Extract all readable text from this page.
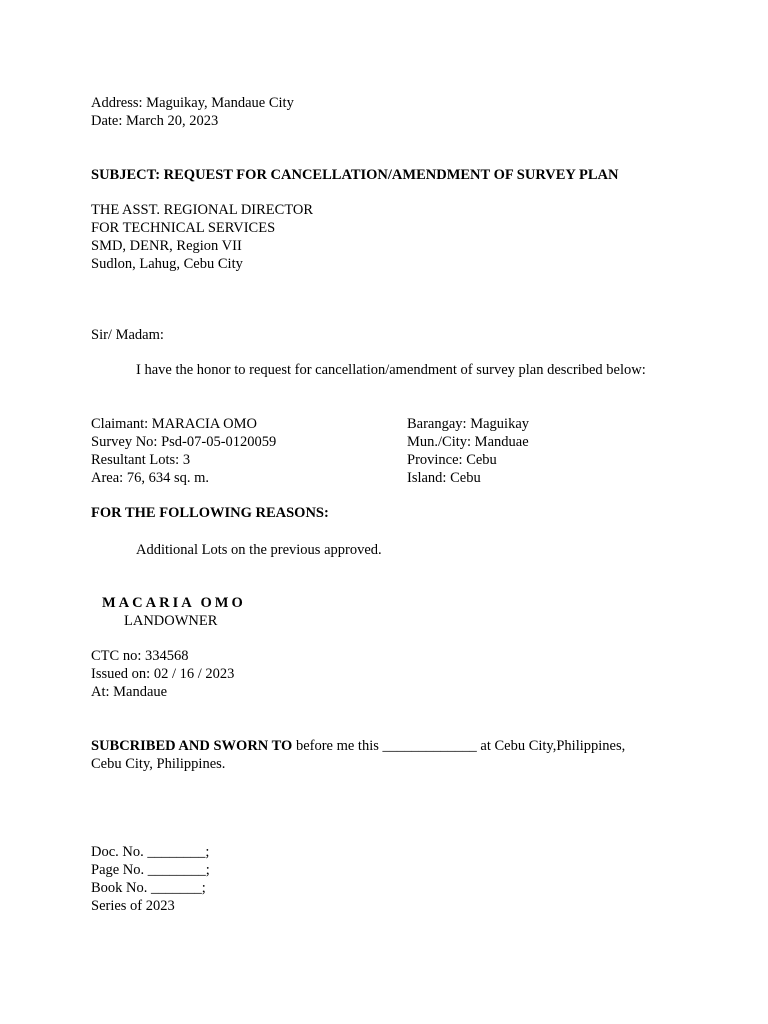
Address: Maguikay, Mandaue City
Date: March 20, 2023
SUBJECT: REQUEST FOR CANCELLATION/AMENDMENT OF SURVEY PLAN
THE ASST. REGIONAL DIRECTOR
FOR TECHNICAL SERVICES
SMD, DENR, Region VII
Sudlon, Lahug, Cebu City
Sir/ Madam:
I have the honor to request for cancellation/amendment of survey plan described below:
Claimant: MARACIA OMO
Survey No: Psd-07-05-0120059
Resultant Lots: 3
Area: 76, 634 sq. m.
Barangay: Maguikay
Mun./City: Manduae
Province: Cebu
Island: Cebu
FOR THE FOLLOWING REASONS:
Additional Lots on the previous approved.
MACARIA OMO
LANDOWNER
CTC no: 334568
Issued on: 02 / 16 / 2023
At: Mandaue
SUBCRIBED AND SWORN TO before me this _____________ at Cebu City,Philippines,
Cebu City, Philippines.
Doc. No. ________;
Page No. ________;
Book No. _______;
Series of 2023
